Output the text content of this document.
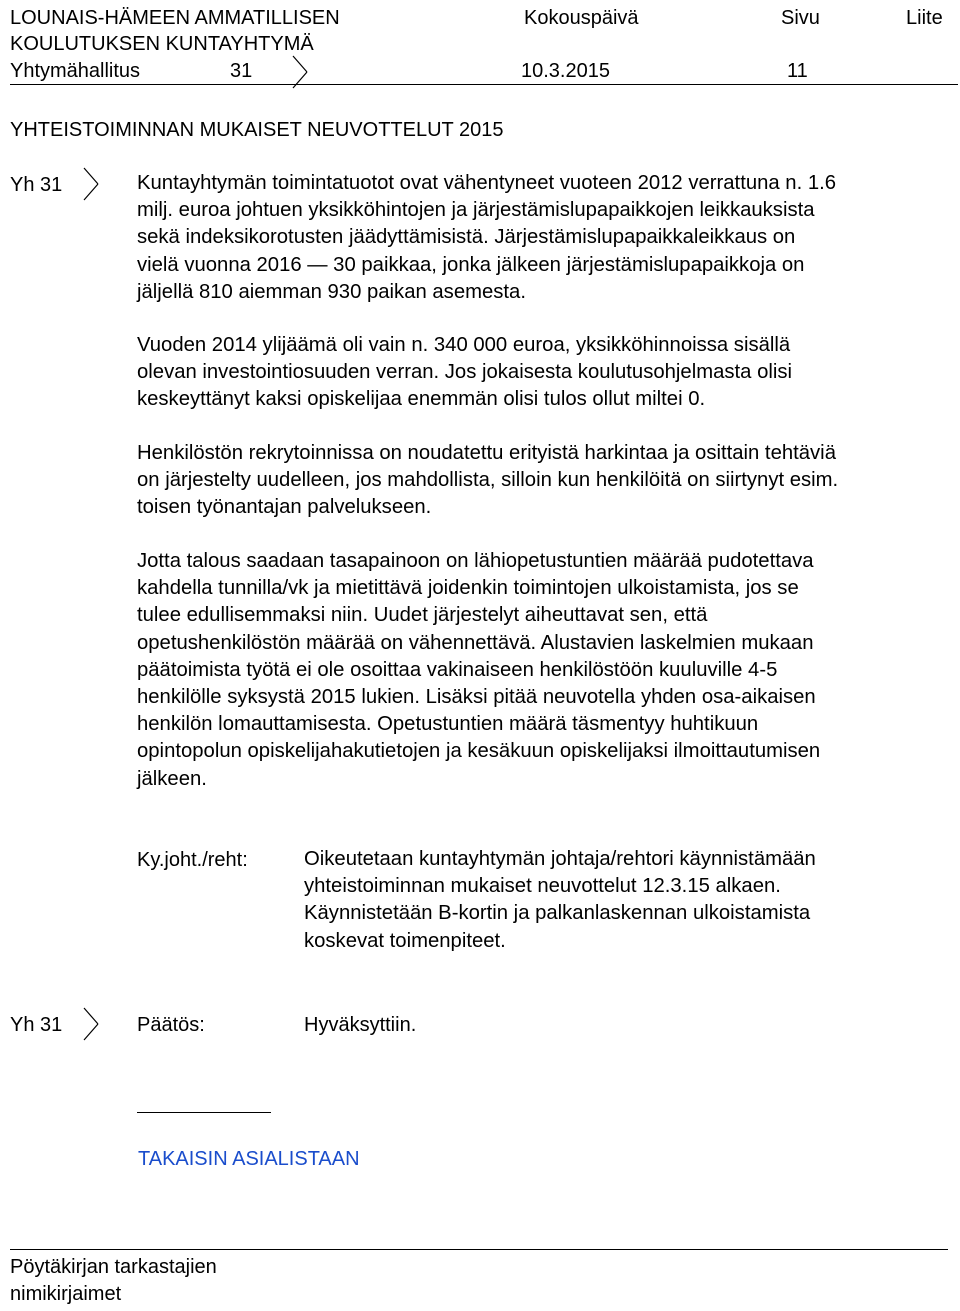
LOUNAIS-HÄMEEN AMMATILLISEN
KOULUTUKSEN KUNTAYHTYMÄ
Kokouspäivä	Sivu	Liite
Yhtymähallitus	31	10.3.2015	11
YHTEISTOIMINNAN MUKAISET NEUVOTTELUT 2015
Yh 31	Kuntayhtymän toimintatuotot ovat vähentyneet vuoteen 2012 verrattuna n. 1.6
milj. euroa johtuen yksikköhintojen ja järjestämislupapaikkojen leikkauksista
sekä indeksikorotusten jäädyttämisistä. Järjestämislupapaikkaleikkaus on
vielä vuonna 2016 — 30 paikkaa, jonka jälkeen järjestämislupapaikkoja on
jäljellä 810 aiemman 930 paikan asemesta.
Vuoden 2014 ylijäämä oli vain n. 340 000 euroa, yksikköhinnoissa sisällä
olevan investointiosuuden verran. Jos jokaisesta koulutusohjelmasta olisi
keskeyttänyt kaksi opiskelijaa enemmän olisi tulos ollut miltei 0.
Henkilöstön rekrytoinnissa on noudatettu erityistä harkintaa ja osittain tehtäviä
on järjestelty uudelleen, jos mahdollista, silloin kun henkilöitä on siirtynyt esim.
toisen työnantajan palvelukseen.
Jotta talous saadaan tasapainoon on lähiopetustuntien määrää pudotettava
kahdella tunnilla/vk ja mietittävä joidenkin toimintojen ulkoistamista, jos se
tulee edullisemmaksi niin. Uudet järjestelyt aiheuttavat sen, että
opetushenkilöstön määrää on vähennettävä. Alustavien laskelmien mukaan
päätoimista työtä ei ole osoittaa vakinaiseen henkilöstöön kuuluville 4-5
henkilölle syksystä 2015 lukien. Lisäksi pitää neuvotella yhden osa-aikaisen
henkilön lomauttamisesta. Opetustuntien määrä täsmentyy huhtikuun
opintopolun opiskelijahakutietojen ja kesäkuun opiskelijaksi ilmoittautumisen
jälkeen.
Ky.joht./reht:	Oikeutetaan kuntayhtymän johtaja/rehtori käynnistämään
yhteistoiminnan mukaiset neuvottelut 12.3.15 alkaen.
Käynnistetään B-kortin ja palkanlaskennan ulkoistamista
koskevat toimenpiteet.
Yh 31	Päätös:	Hyväksyttiin.
TAKAISIN ASIALISTAAN
Pöytäkirjan tarkastajien
nimikirjaimet
